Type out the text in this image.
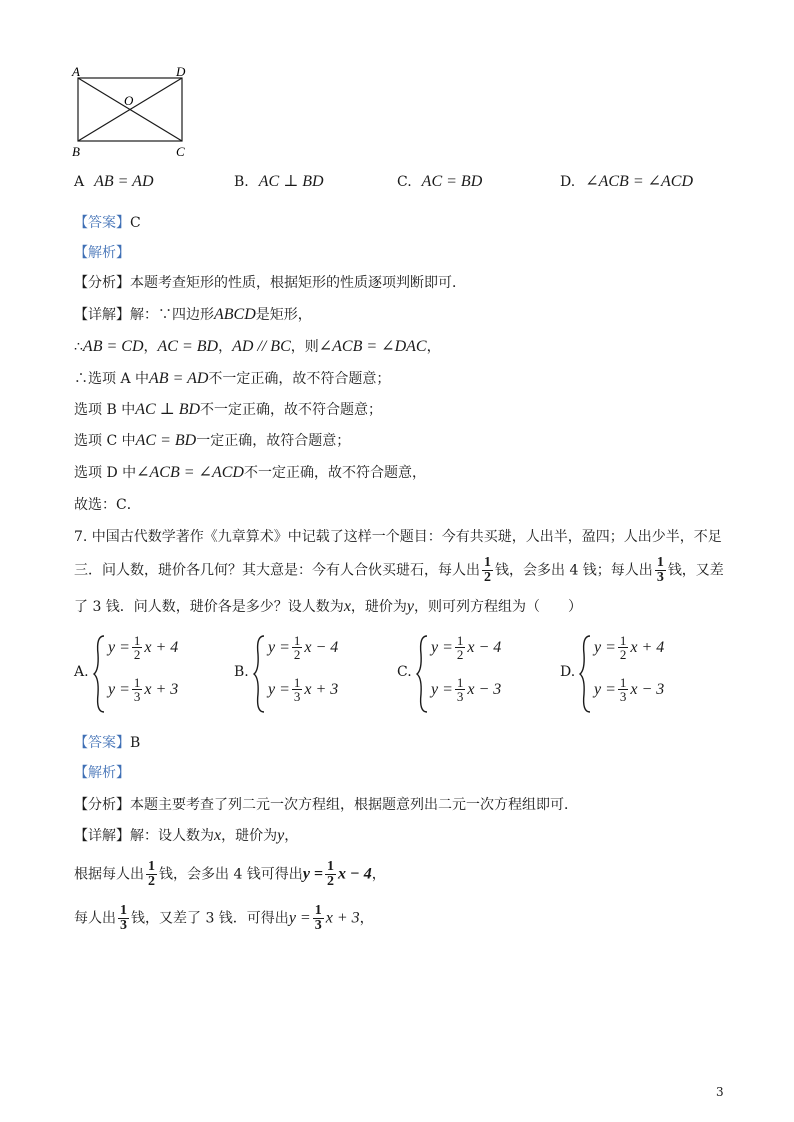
A	D
B	C
O
A AB = AD	B. AC ⊥ BD	C. AC = BD	D. ∠ACB = ∠ACD
【答案】C
【解析】
【分析】本题考查矩形的性质，根据矩形的性质逐项判断即可．
【详解】解：∵四边形ABCD是矩形，
∴AB = CD，AC = BD，AD // BC，则∠ACB = ∠DAC，
∴选项 A 中AB = AD不一定正确，故不符合题意；
选项 B 中AC ⊥ BD不一定正确，故不符合题意；
选项 C 中AC = BD一定正确，故符合题意；
选项 D 中∠ACB = ∠ACD不一定正确，故不符合题意，
故选：C．
7. 中国古代数学著作《九章算术》中记载了这样一个题目：今有共买琎，人出半，盈四；人出少半，不足
三．问人数，琎价各几何？其大意是：今有人合伙买琎石，每人出 $\frac{1}{2}$ 钱，会多出 4 钱；每人出 $\frac{1}{3}$ 钱，又差
了 3 钱．问人数，琎价各是多少？设人数为x，琎价为y，则可列方程组为（　　）
A.
$y = \frac{1}{2}$ x + 4
$y = \frac{1}{3}$ x + 3
B.
$y = \frac{1}{2}$ x − 4
$y = \frac{1}{3}$ x + 3
C.
$y = \frac{1}{2}$ x − 4
$y = \frac{1}{3}$ x − 3
D.
$y = \frac{1}{2}$ x + 4
$y = \frac{1}{3}$ x − 3
【答案】B
【解析】
【分析】本题主要考查了列二元一次方程组，根据题意列出二元一次方程组即可．
【详解】解：设人数为x，琎价为y，
根据每人出 $\frac{1}{2}$ 钱，会多出 4 钱可得出$y = \frac{1}{2}$ x − 4，
每人出 $\frac{1}{3}$ 钱，又差了 3 钱．可得出$y = \frac{1}{3}$ x + 3，
3
